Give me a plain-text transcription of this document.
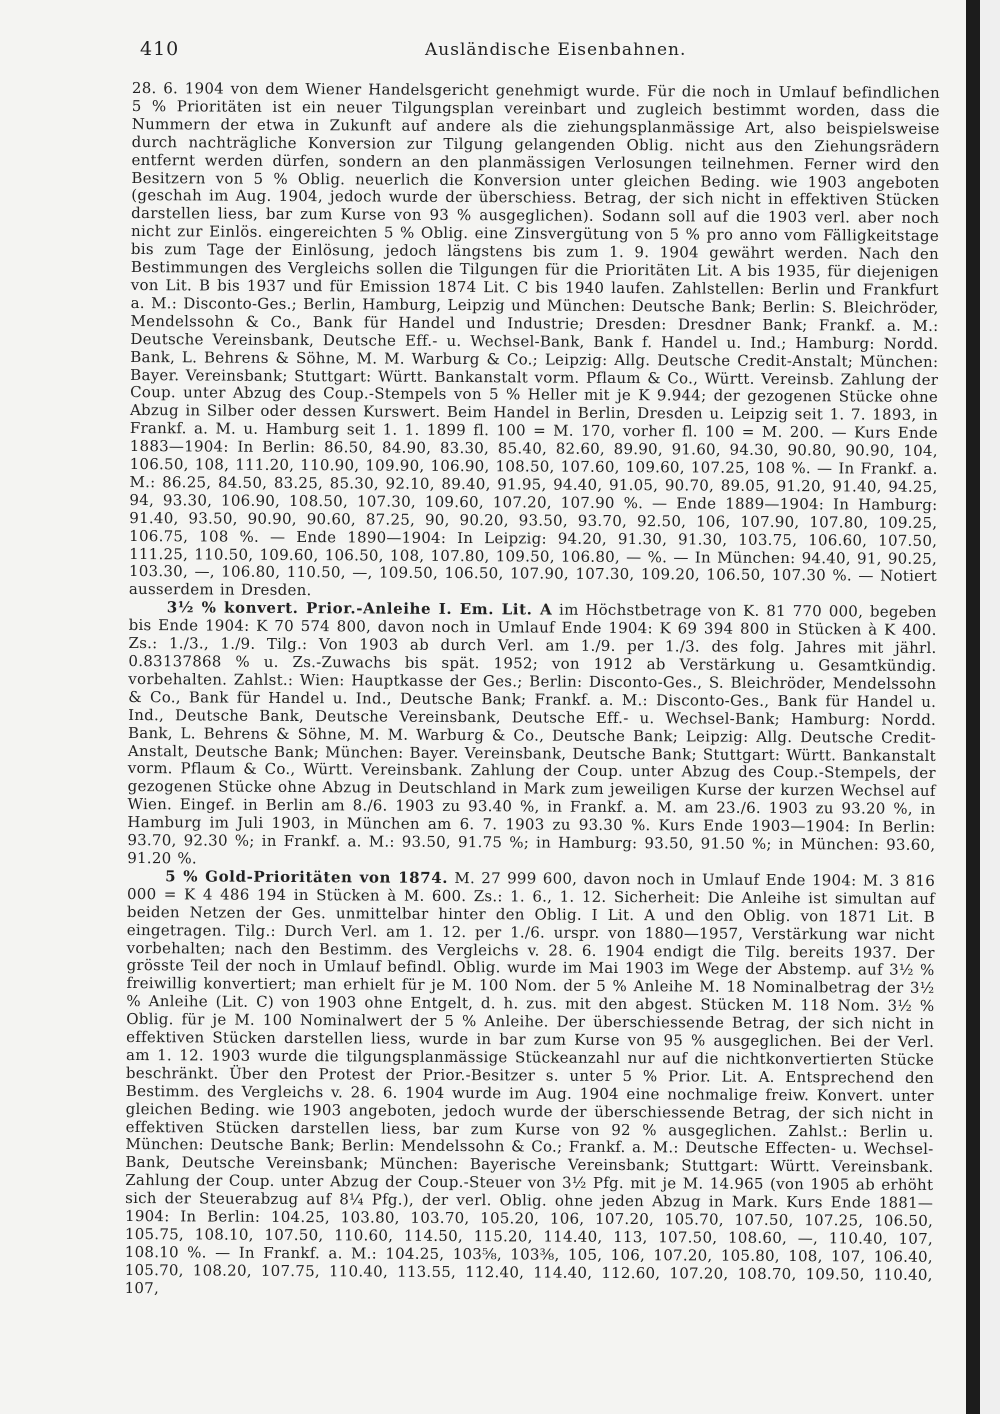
410	Ausländische Eisenbahnen.

28. 6. 1904 von dem Wiener Handelsgericht genehmigt wurde. Für die noch in Umlauf befindlichen 5 % Prioritäten ist ein neuer Tilgungsplan vereinbart und zugleich bestimmt worden, dass die Nummern der etwa in Zukunft auf andere als die ziehungsplanmässige Art, also beispielsweise durch nachträgliche Konversion zur Tilgung gelangenden Oblig. nicht aus den Ziehungsrädern entfernt werden dürfen, sondern an den planmässigen Verlosungen teilnehmen. Ferner wird den Besitzern von 5 % Oblig. neuerlich die Konversion unter gleichen Beding. wie 1903 angeboten (geschah im Aug. 1904, jedoch wurde der überschiess. Betrag, der sich nicht in effektiven Stücken darstellen liess, bar zum Kurse von 93 % ausgeglichen). Sodann soll auf die 1903 verl. aber noch nicht zur Einlös. eingereichten 5 % Oblig. eine Zinsvergütung von 5 % pro anno vom Fälligkeitstage bis zum Tage der Einlösung, jedoch längstens bis zum 1. 9. 1904 gewährt werden. Nach den Bestimmungen des Vergleichs sollen die Tilgungen für die Prioritäten Lit. A bis 1935, für diejenigen von Lit. B bis 1937 und für Emission 1874 Lit. C bis 1940 laufen. Zahlstellen: Berlin und Frankfurt a. M.: Disconto-Ges.; Berlin, Hamburg, Leipzig und München: Deutsche Bank; Berlin: S. Bleichröder, Mendelssohn & Co., Bank für Handel und Industrie; Dresden: Dresdner Bank; Frankf. a. M.: Deutsche Vereinsbank, Deutsche Eff.- u. Wechsel-Bank, Bank f. Handel u. Ind.; Hamburg: Nordd. Bank, L. Behrens & Söhne, M. M. Warburg & Co.; Leipzig: Allg. Deutsche Credit-Anstalt; München: Bayer. Vereinsbank; Stuttgart: Württ. Bankanstalt vorm. Pflaum & Co., Württ. Vereinsb. Zahlung der Coup. unter Abzug des Coup.-Stempels von 5 % Heller mit je K 9.944; der gezogenen Stücke ohne Abzug in Silber oder dessen Kurswert. Beim Handel in Berlin, Dresden u. Leipzig seit 1. 7. 1893, in Frankf. a. M. u. Hamburg seit 1. 1. 1899 fl. 100 = M. 170, vorher fl. 100 = M. 200. — Kurs Ende 1883—1904: In Berlin: 86.50, 84.90, 83.30, 85.40, 82.60, 89.90, 91.60, 94.30, 90.80, 90.90, 104, 106.50, 108, 111.20, 110.90, 109.90, 106.90, 108.50, 107.60, 109.60, 107.25, 108 %. — In Frankf. a. M.: 86.25, 84.50, 83.25, 85.30, 92.10, 89.40, 91.95, 94.40, 91.05, 90.70, 89.05, 91.20, 91.40, 94.25, 94, 93.30, 106.90, 108.50, 107.30, 109.60, 107.20, 107.90 %. — Ende 1889—1904: In Hamburg: 91.40, 93.50, 90.90, 90.60, 87.25, 90, 90.20, 93.50, 93.70, 92.50, 106, 107.90, 107.80, 109.25, 106.75, 108 %. — Ende 1890—1904: In Leipzig: 94.20, 91.30, 91.30, 103.75, 106.60, 107.50, 111.25, 110.50, 109.60, 106.50, 108, 107.80, 109.50, 106.80, — %. — In München: 94.40, 91, 90.25, 103.30, —, 106.80, 110.50, —, 109.50, 106.50, 107.90, 107.30, 109.20, 106.50, 107.30 %. — Notiert ausserdem in Dresden.

3½ % konvert. Prior.-Anleihe I. Em. Lit. A im Höchstbetrage von K. 81 770 000, begeben bis Ende 1904: K 70 574 800, davon noch in Umlauf Ende 1904: K 69 394 800 in Stücken à K 400. Zs.: 1./3., 1./9. Tilg.: Von 1903 ab durch Verl. am 1./9. per 1./3. des folg. Jahres mit jährl. 0.83137868 % u. Zs.-Zuwachs bis spät. 1952; von 1912 ab Verstärkung u. Gesamtkündig. vorbehalten. Zahlst.: Wien: Hauptkasse der Ges.; Berlin: Disconto-Ges., S. Bleichröder, Mendelssohn & Co., Bank für Handel u. Ind., Deutsche Bank; Frankf. a. M.: Disconto-Ges., Bank für Handel u. Ind., Deutsche Bank, Deutsche Vereinsbank, Deutsche Eff.- u. Wechsel-Bank; Hamburg: Nordd. Bank, L. Behrens & Söhne, M. M. Warburg & Co., Deutsche Bank; Leipzig: Allg. Deutsche Credit-Anstalt, Deutsche Bank; München: Bayer. Vereinsbank, Deutsche Bank; Stuttgart: Württ. Bankanstalt vorm. Pflaum & Co., Württ. Vereinsbank. Zahlung der Coup. unter Abzug des Coup.-Stempels, der gezogenen Stücke ohne Abzug in Deutschland in Mark zum jeweiligen Kurse der kurzen Wechsel auf Wien. Eingef. in Berlin am 8./6. 1903 zu 93.40 %, in Frankf. a. M. am 23./6. 1903 zu 93.20 %, in Hamburg im Juli 1903, in München am 6. 7. 1903 zu 93.30 %. Kurs Ende 1903—1904: In Berlin: 93.70, 92.30 %; in Frankf. a. M.: 93.50, 91.75 %; in Hamburg: 93.50, 91.50 %; in München: 93.60, 91.20 %.

5 % Gold-Prioritäten von 1874. M. 27 999 600, davon noch in Umlauf Ende 1904: M. 3 816 000 = K 4 486 194 in Stücken à M. 600. Zs.: 1. 6., 1. 12. Sicherheit: Die Anleihe ist simultan auf beiden Netzen der Ges. unmittelbar hinter den Oblig. I Lit. A und den Oblig. von 1871 Lit. B eingetragen. Tilg.: Durch Verl. am 1. 12. per 1./6. urspr. von 1880—1957, Verstärkung war nicht vorbehalten; nach den Bestimm. des Vergleichs v. 28. 6. 1904 endigt die Tilg. bereits 1937. Der grösste Teil der noch in Umlauf befindl. Oblig. wurde im Mai 1903 im Wege der Abstemp. auf 3½ % freiwillig konvertiert; man erhielt für je M. 100 Nom. der 5 % Anleihe M. 18 Nominalbetrag der 3½ % Anleihe (Lit. C) von 1903 ohne Entgelt, d. h. zus. mit den abgest. Stücken M. 118 Nom. 3½ % Oblig. für je M. 100 Nominalwert der 5 % Anleihe. Der überschiessende Betrag, der sich nicht in effektiven Stücken darstellen liess, wurde in bar zum Kurse von 95 % ausgeglichen. Bei der Verl. am 1. 12. 1903 wurde die tilgungsplanmässige Stückeanzahl nur auf die nichtkonvertierten Stücke beschränkt. Über den Protest der Prior.-Besitzer s. unter 5 % Prior. Lit. A. Entsprechend den Bestimm. des Vergleichs v. 28. 6. 1904 wurde im Aug. 1904 eine nochmalige freiw. Konvert. unter gleichen Beding. wie 1903 angeboten, jedoch wurde der überschiessende Betrag, der sich nicht in effektiven Stücken darstellen liess, bar zum Kurse von 92 % ausgeglichen. Zahlst.: Berlin u. München: Deutsche Bank; Berlin: Mendelssohn & Co.; Frankf. a. M.: Deutsche Effecten- u. Wechsel-Bank, Deutsche Vereinsbank; München: Bayerische Vereinsbank; Stuttgart: Württ. Vereinsbank. Zahlung der Coup. unter Abzug der Coup.-Steuer von 3½ Pfg. mit je M. 14.965 (von 1905 ab erhöht sich der Steuerabzug auf 8¼ Pfg.), der verl. Oblig. ohne jeden Abzug in Mark. Kurs Ende 1881—1904: In Berlin: 104.25, 103.80, 103.70, 105.20, 106, 107.20, 105.70, 107.50, 107.25, 106.50, 105.75, 108.10, 107.50, 110.60, 114.50, 115.20, 114.40, 113, 107.50, 108.60, —, 110.40, 107, 108.10 %. — In Frankf. a. M.: 104.25, 103⅝, 103⅜, 105, 106, 107.20, 105.80, 108, 107, 106.40, 105.70, 108.20, 107.75, 110.40, 113.55, 112.40, 114.40, 112.60, 107.20, 108.70, 109.50, 110.40, 107,
